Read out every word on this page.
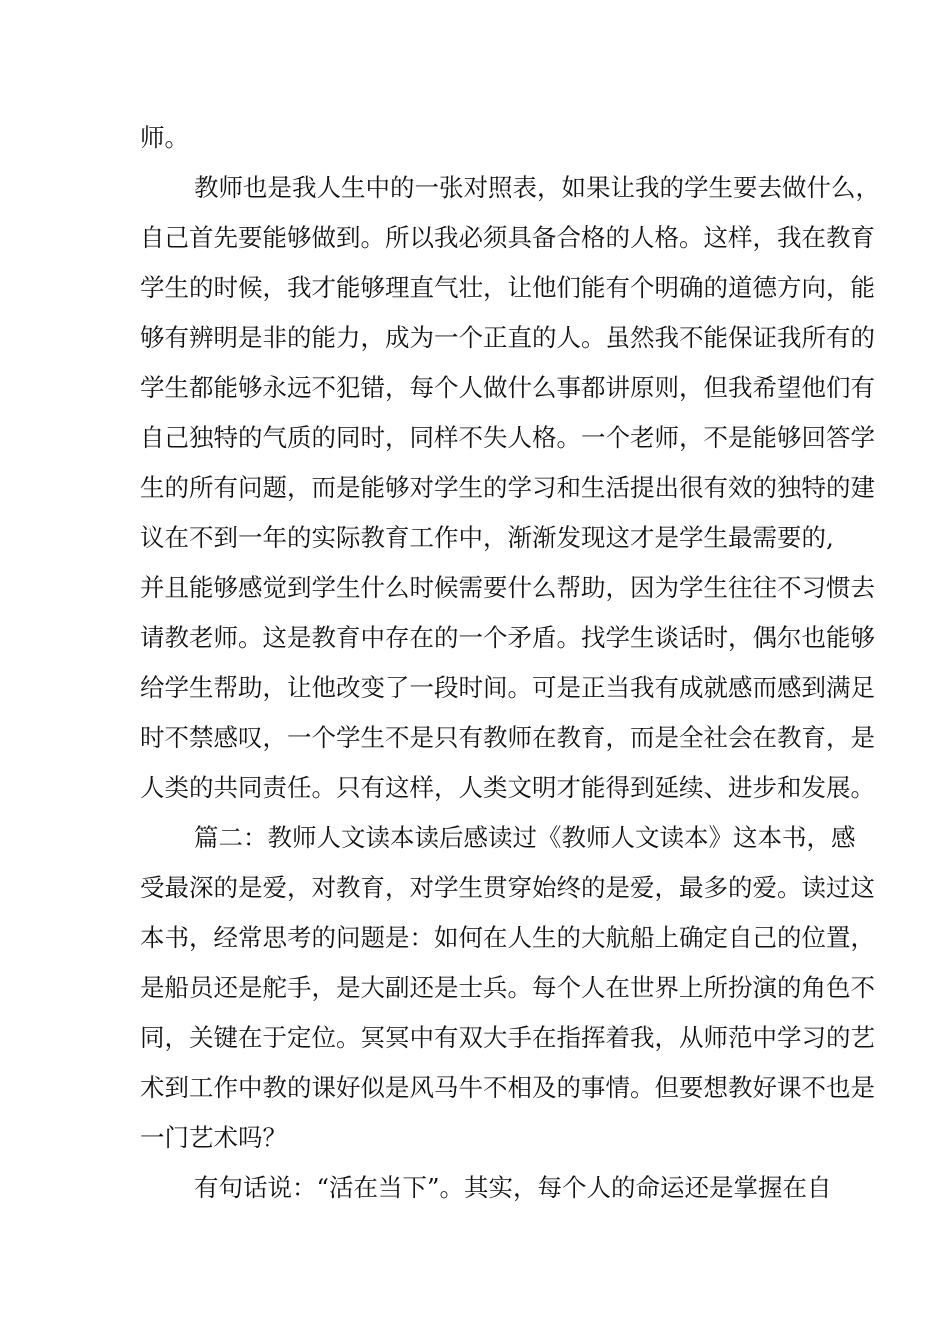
师。
教师也是我人生中的一张对照表，如果让我的学生要去做什么，
自己首先要能够做到。所以我必须具备合格的人格。这样，我在教育
学生的时候，我才能够理直气壮，让他们能有个明确的道德方向，能
够有辨明是非的能力，成为一个正直的人。虽然我不能保证我所有的
学生都能够永远不犯错，每个人做什么事都讲原则，但我希望他们有
自己独特的气质的同时，同样不失人格。一个老师，不是能够回答学
生的所有问题，而是能够对学生的学习和生活提出很有效的独特的建
议在不到一年的实际教育工作中，渐渐发现这才是学生最需要的,
并且能够感觉到学生什么时候需要什么帮助，因为学生往往不习惯去
请教老师。这是教育中存在的一个矛盾。找学生谈话时，偶尔也能够
给学生帮助，让他改变了一段时间。可是正当我有成就感而感到满足
时不禁感叹，一个学生不是只有教师在教育，而是全社会在教育，是
人类的共同责任。只有这样，人类文明才能得到延续、进步和发展。
篇二：教师人文读本读后感读过《教师人文读本》这本书，感
受最深的是爱，对教育，对学生贯穿始终的是爱，最多的爱。读过这
本书，经常思考的问题是：如何在人生的大航船上确定自己的位置，
是船员还是舵手，是大副还是士兵。每个人在世界上所扮演的角色不
同，关键在于定位。冥冥中有双大手在指挥着我，从师范中学习的艺
术到工作中教的课好似是风马牛不相及的事情。但要想教好课不也是
一门艺术吗？
有句话说：“活在当下”。其实，每个人的命运还是掌握在自
